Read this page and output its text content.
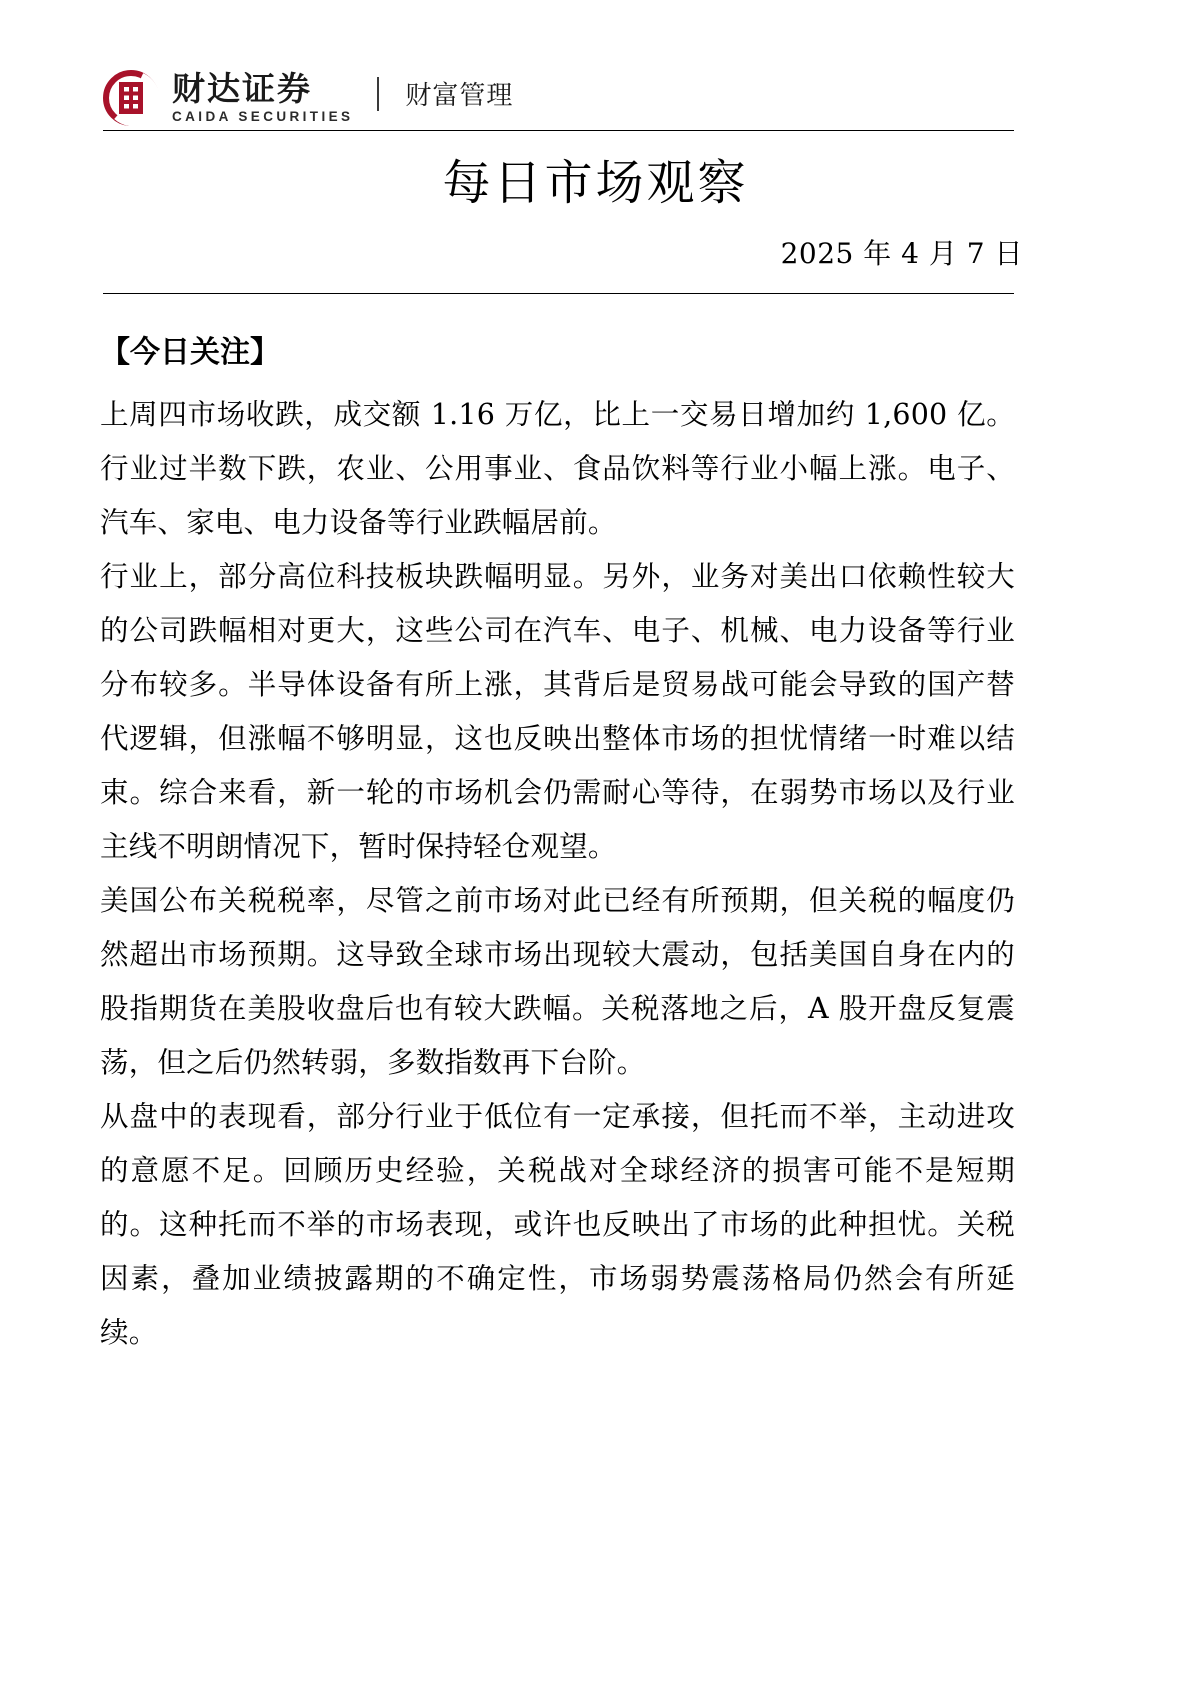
财达证券
CAIDA SECURITIES
财富管理
每日市场观察
2025 年 4 月 7 日
【今日关注】

上周四市场收跌，成交额 1.16 万亿，比上一交易日增加约 1,600 亿。行业过半数下跌，农业、公用事业、食品饮料等行业小幅上涨。电子、汽车、家电、电力设备等行业跌幅居前。

行业上，部分高位科技板块跌幅明显。另外，业务对美出口依赖性较大的公司跌幅相对更大，这些公司在汽车、电子、机械、电力设备等行业分布较多。半导体设备有所上涨，其背后是贸易战可能会导致的国产替代逻辑，但涨幅不够明显，这也反映出整体市场的担忧情绪一时难以结束。综合来看，新一轮的市场机会仍需耐心等待，在弱势市场以及行业主线不明朗情况下，暂时保持轻仓观望。

美国公布关税税率，尽管之前市场对此已经有所预期，但关税的幅度仍然超出市场预期。这导致全球市场出现较大震动，包括美国自身在内的股指期货在美股收盘后也有较大跌幅。关税落地之后，A 股开盘反复震荡，但之后仍然转弱，多数指数再下台阶。

从盘中的表现看，部分行业于低位有一定承接，但托而不举，主动进攻的意愿不足。回顾历史经验，关税战对全球经济的损害可能不是短期的。这种托而不举的市场表现，或许也反映出了市场的此种担忧。关税因素，叠加业绩披露期的不确定性，市场弱势震荡格局仍然会有所延续。
